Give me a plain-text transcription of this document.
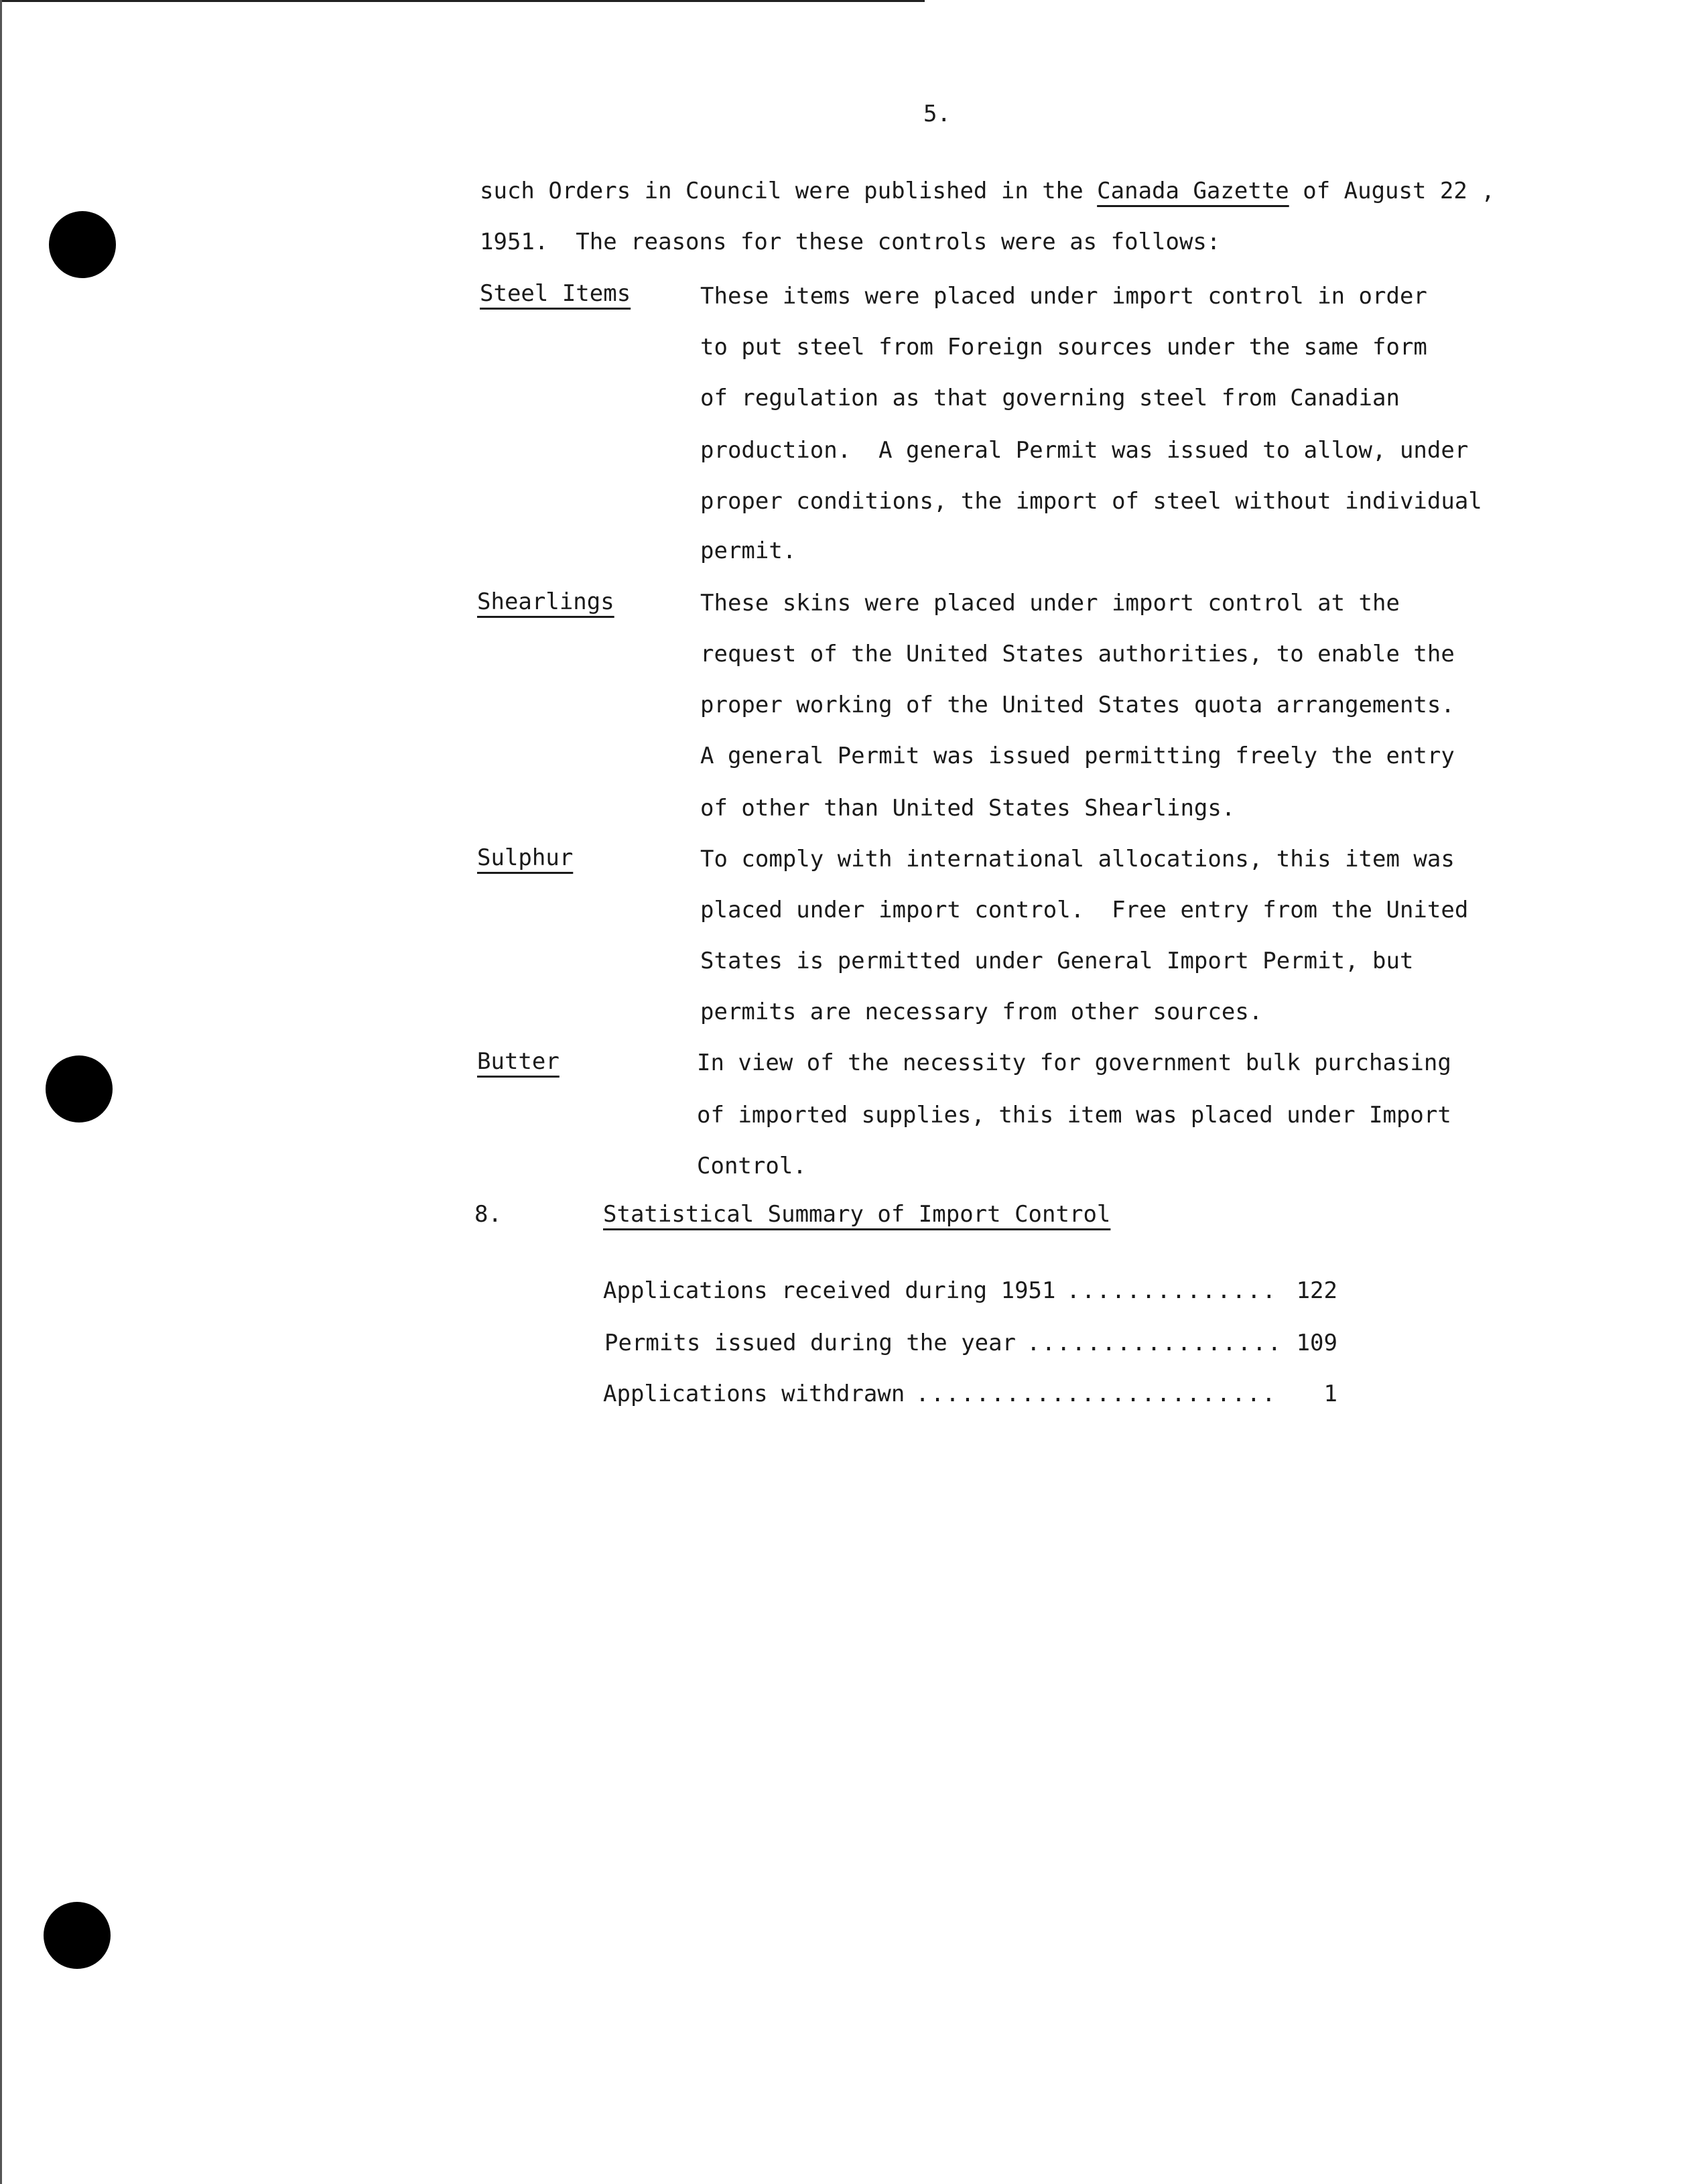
5.
such Orders in Council were published in the Canada Gazette of August 22 ,
1951.  The reasons for these controls were as follows:
Steel Items	These items were placed under import control in order
to put steel from Foreign sources under the same form
of regulation as that governing steel from Canadian
production.  A general Permit was issued to allow, under
proper conditions, the import of steel without individual
permit.
Shearlings	These skins were placed under import control at the
request of the United States authorities, to enable the
proper working of the United States quota arrangements.
A general Permit was issued permitting freely the entry
of other than United States Shearlings.
Sulphur	To comply with international allocations, this item was
placed under import control.  Free entry from the United
States is permitted under General Import Permit, but
permits are necessary from other sources.
Butter	In view of the necessity for government bulk purchasing
of imported supplies, this item was placed under Import
Control.
8.	Statistical Summary of Import Control
Applications received during 1951 .....	122
Permits issued during the year .....	109
Applications withdrawn .....	1
